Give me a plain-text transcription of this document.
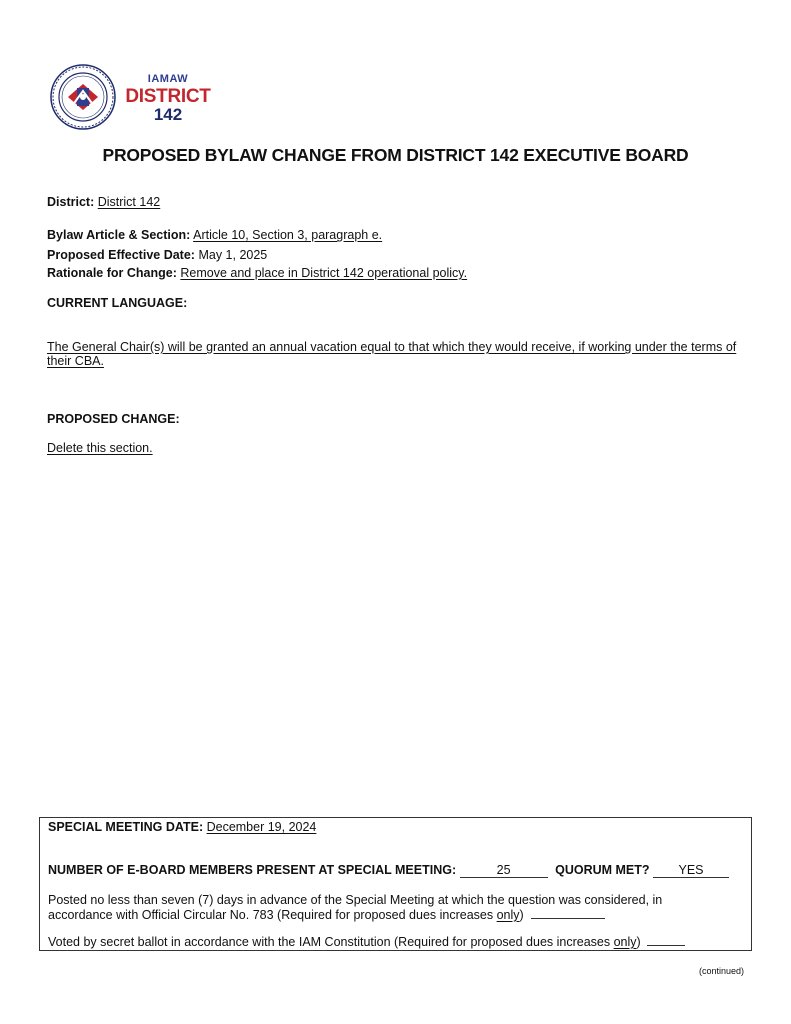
IAMAW
DISTRICT
142
PROPOSED BYLAW CHANGE FROM DISTRICT 142 EXECUTIVE BOARD

District: District 142

Bylaw Article & Section: Article 10, Section 3, paragraph e.

Proposed Effective Date: May 1, 2025

Rationale for Change: Remove and place in District 142 operational policy.

CURRENT LANGUAGE:

The General Chair(s) will be granted an annual vacation equal to that which they would receive, if working under the terms of their CBA.

PROPOSED CHANGE:

Delete this section.

SPECIAL MEETING DATE: December 19, 2024

NUMBER OF E-BOARD MEMBERS PRESENT AT SPECIAL MEETING:	25	QUORUM MET? YES

Posted no less than seven (7) days in advance of the Special Meeting at which the question was considered, in
accordance with Official Circular No. 783 (Required for proposed dues increases only)

Voted by secret ballot in accordance with the IAM Constitution (Required for proposed dues increases only)

(continued)
